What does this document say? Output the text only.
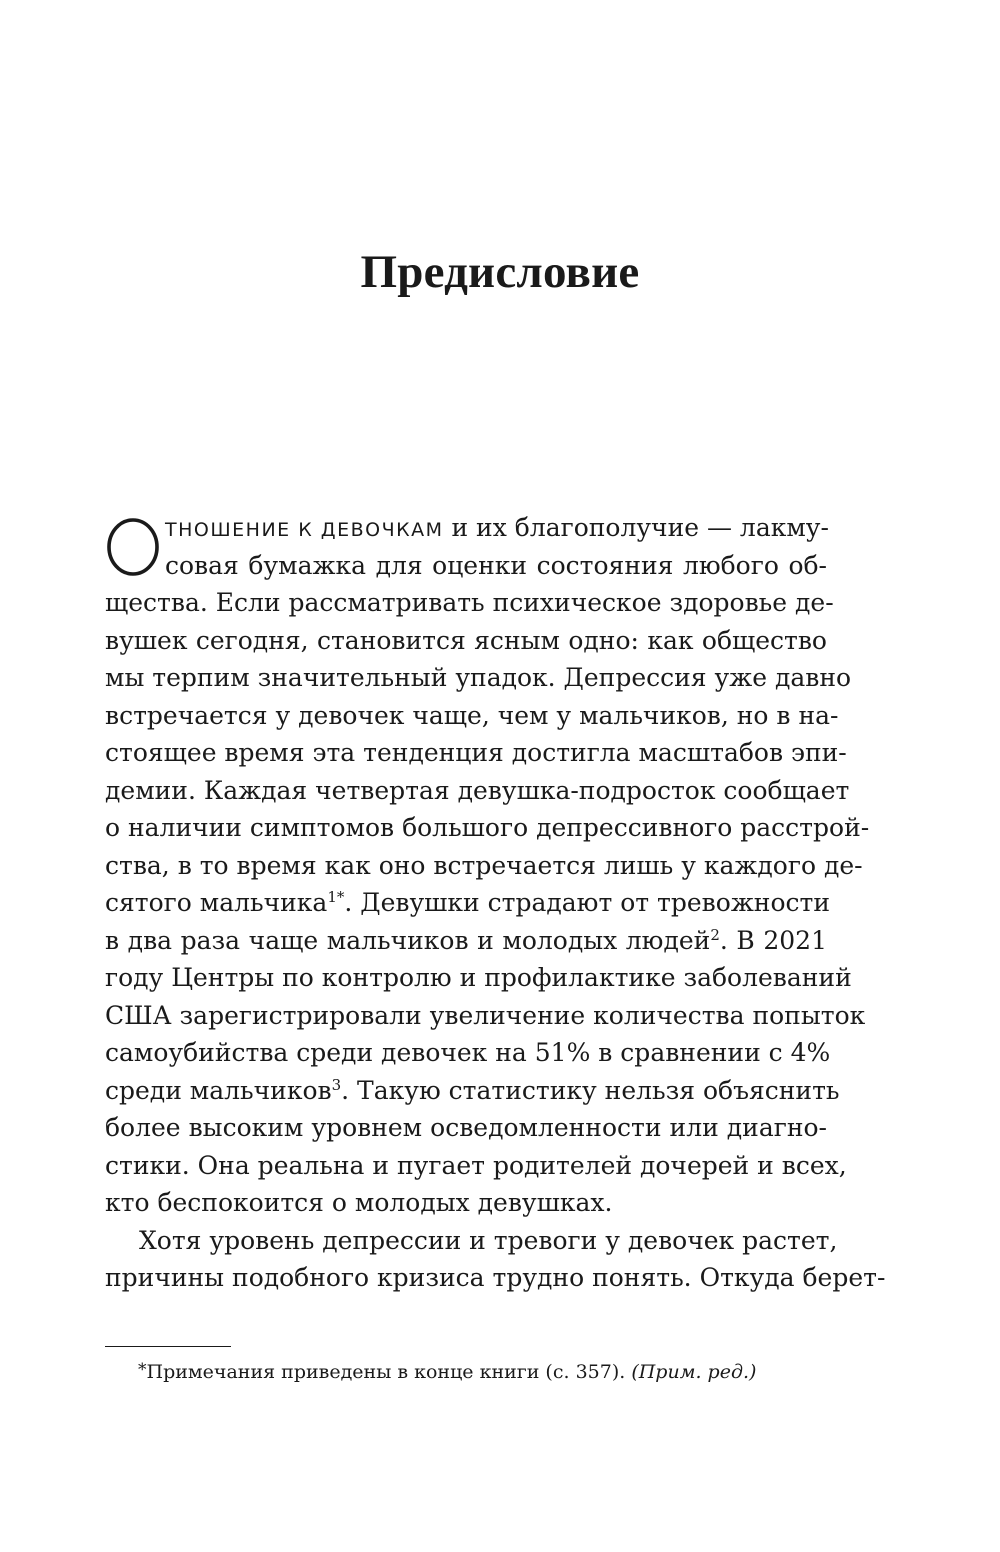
Предисловие
ТНОШЕНИЕ К ДЕВОЧКАМ и их благополучие — лакму-
совая бумажка для оценки состояния любого об-
щества. Если рассматривать психическое здоровье де-
вушек сегодня, становится ясным одно: как общество
мы терпим значительный упадок. Депрессия уже давно
встречается у девочек чаще, чем у мальчиков, но в на-
стоящее время эта тенденция достигла масштабов эпи-
демии. Каждая четвертая девушка-подросток сообщает
о наличии симптомов большого депрессивного расстрой-
ства, в то время как оно встречается лишь у каждого де-
сятого мальчика$^{1*}$. Девушки страдают от тревожности
в два раза чаще мальчиков и молодых людей$^2$. В 2021
году Центры по контролю и профилактике заболеваний
США зарегистрировали увеличение количества попыток
самоубийства среди девочек на 51% в сравнении с 4%
среди мальчиков$^3$. Такую статистику нельзя объяснить
более высоким уровнем осведомленности или диагно-
стики. Она реальна и пугает родителей дочерей и всех,
кто беспокоится о молодых девушках.
Хотя уровень депрессии и тревоги у девочек растет,
причины подобного кризиса трудно понять. Откуда берет-
*Примечания приведены в конце книги (с. 357). (Прим. ред.)
